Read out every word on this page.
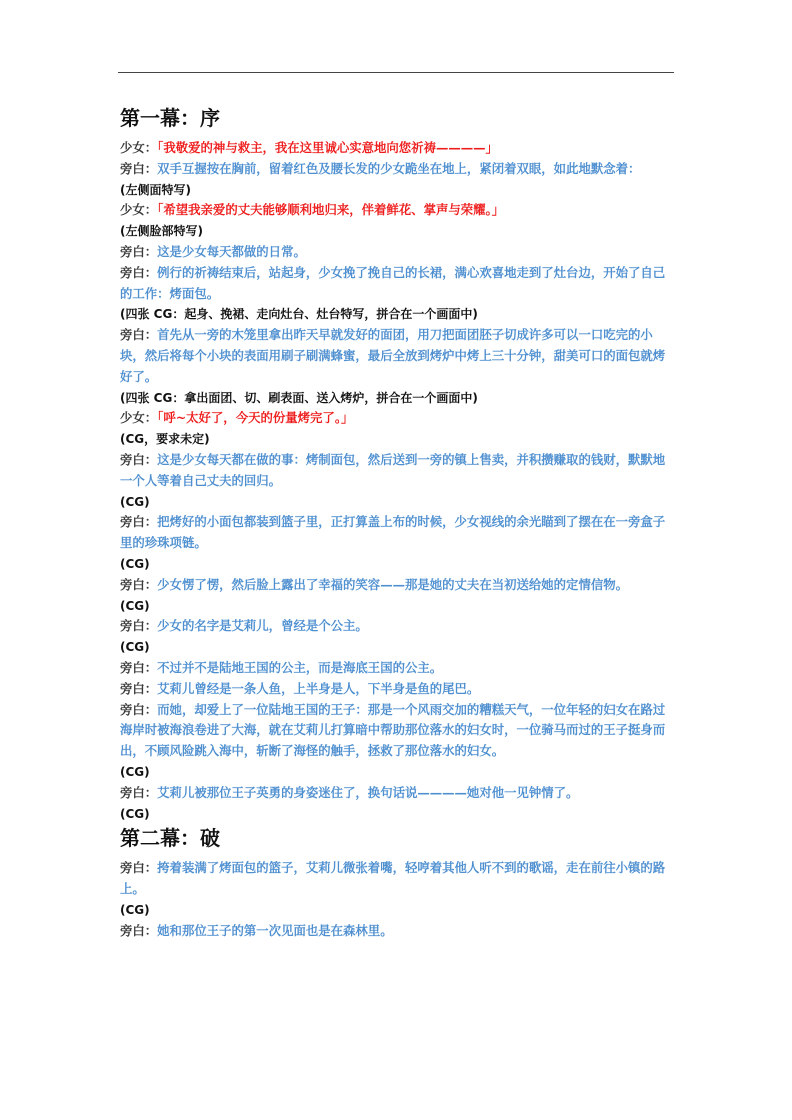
第一幕：序
少女：「我敬爱的神与救主，我在这里诚心实意地向您祈祷————」
旁白：双手互握按在胸前，留着红色及腰长发的少女跪坐在地上，紧闭着双眼，如此地默念着：
(左侧面特写)
少女：「希望我亲爱的丈夫能够顺利地归来，伴着鲜花、掌声与荣耀。」
(左侧脸部特写)
旁白：这是少女每天都做的日常。
旁白：例行的祈祷结束后，站起身，少女挽了挽自己的长裙，满心欢喜地走到了灶台边，开始了自己的工作：烤面包。
(四张 CG：起身、挽裙、走向灶台、灶台特写，拼合在一个画面中)
旁白：首先从一旁的木笼里拿出昨天早就发好的面团，用刀把面团胚子切成许多可以一口吃完的小块，然后将每个小块的表面用刷子刷满蜂蜜，最后全放到烤炉中烤上三十分钟，甜美可口的面包就烤好了。
(四张 CG：拿出面团、切、刷表面、送入烤炉，拼合在一个画面中)
少女：「呼~太好了，今天的份量烤完了。」
(CG，要求未定)
旁白：这是少女每天都在做的事：烤制面包，然后送到一旁的镇上售卖，并积攒赚取的钱财，默默地一个人等着自己丈夫的回归。
(CG)
旁白：把烤好的小面包都装到篮子里，正打算盖上布的时候，少女视线的余光瞄到了摆在在一旁盒子里的珍珠项链。
(CG)
旁白：少女愣了愣，然后脸上露出了幸福的笑容——那是她的丈夫在当初送给她的定情信物。
(CG)
旁白：少女的名字是艾莉儿，曾经是个公主。
(CG)
旁白：不过并不是陆地王国的公主，而是海底王国的公主。
旁白：艾莉儿曾经是一条人鱼，上半身是人，下半身是鱼的尾巴。
旁白：而她，却爱上了一位陆地王国的王子：那是一个风雨交加的糟糕天气，一位年轻的妇女在路过海岸时被海浪卷进了大海，就在艾莉儿打算暗中帮助那位落水的妇女时，一位骑马而过的王子挺身而出，不顾风险跳入海中，斩断了海怪的触手，拯救了那位落水的妇女。
(CG)
旁白：艾莉儿被那位王子英勇的身姿迷住了，换句话说————她对他一见钟情了。
(CG)
第二幕：破
旁白：挎着装满了烤面包的篮子，艾莉儿微张着嘴，轻哼着其他人听不到的歌谣，走在前往小镇的路上。
(CG)
旁白：她和那位王子的第一次见面也是在森林里。
